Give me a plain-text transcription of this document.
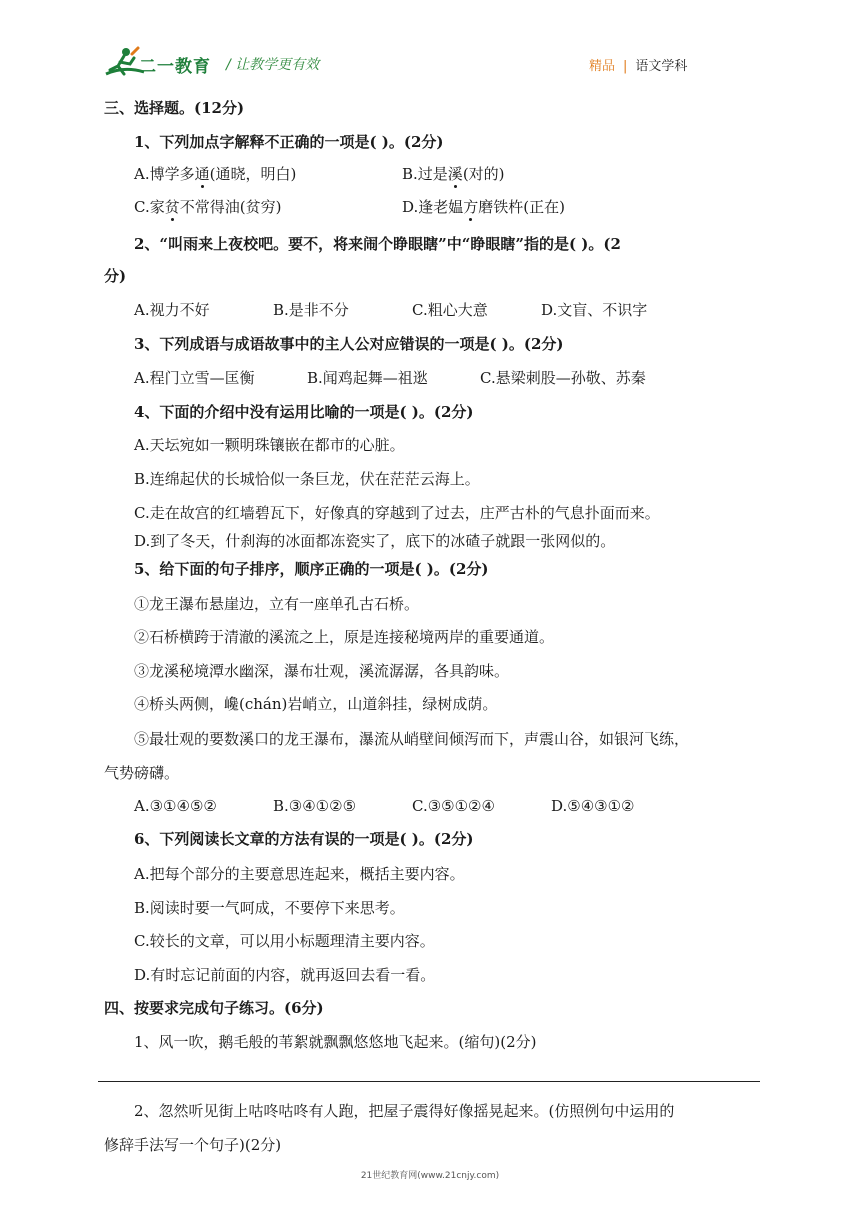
二一教育 / 让教学更有效	精品 | 语文学科
三、选择题。(12分)
1、下列加点字解释不正确的一项是( )。(2分)
A.博学多通(通晓，明白)	B.过是溪(对的)
C.家贫不常得油(贫穷)	D.逢老媪方磨铁杵(正在)
2、“叫雨来上夜校吧。要不，将来闹个睁眼瞎”中“睁眼瞎”指的是( )。(2
分)
A.视力不好	B.是非不分	C.粗心大意	D.文盲、不识字
3、下列成语与成语故事中的主人公对应错误的一项是( )。(2分)
A.程门立雪—匡衡	B.闻鸡起舞—祖逖	C.悬梁刺股—孙敬、苏秦
4、下面的介绍中没有运用比喻的一项是( )。(2分)
A.天坛宛如一颗明珠镶嵌在都市的心脏。
B.连绵起伏的长城恰似一条巨龙，伏在茫茫云海上。
C.走在故宫的红墙碧瓦下，好像真的穿越到了过去，庄严古朴的气息扑面而来。
D.到了冬天，什刹海的冰面都冻瓷实了，底下的冰碴子就跟一张网似的。
5、给下面的句子排序，顺序正确的一项是( )。(2分)
①龙王瀑布悬崖边，立有一座单孔古石桥。
②石桥横跨于清澈的溪流之上，原是连接秘境两岸的重要通道。
③龙溪秘境潭水幽深，瀑布壮观，溪流潺潺，各具韵味。
④桥头两侧，巉(chán)岩峭立，山道斜挂，绿树成荫。
⑤最壮观的要数溪口的龙王瀑布，瀑流从峭壁间倾泻而下，声震山谷，如银河飞练，
气势磅礴。
A.③①④⑤②	B.③④①②⑤	C.③⑤①②④	D.⑤④③①②
6、下列阅读长文章的方法有误的一项是( )。(2分)
A.把每个部分的主要意思连起来，概括主要内容。
B.阅读时要一气呵成，不要停下来思考。
C.较长的文章，可以用小标题理清主要内容。
D.有时忘记前面的内容，就再返回去看一看。
四、按要求完成句子练习。(6分)
1、风一吹，鹅毛般的苇絮就飘飘悠悠地飞起来。(缩句)(2分)
2、忽然听见街上咕咚咕咚有人跑，把屋子震得好像摇晃起来。(仿照例句中运用的
修辞手法写一个句子)(2分)
21世纪教育网(www.21cnjy.com)
